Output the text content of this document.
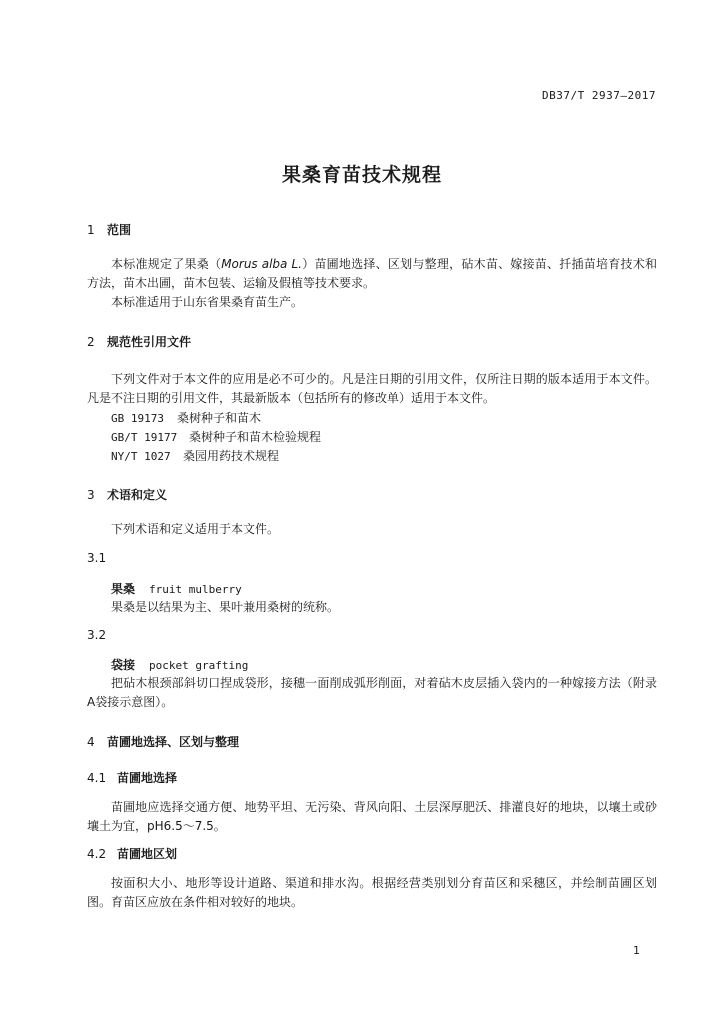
DB37/T 2937—2017
果桑育苗技术规程
1 范围

本标准规定了果桑（Morus alba L.）苗圃地选择、区划与整理，砧木苗、嫁接苗、扦插苗培育技术和方法，苗木出圃，苗木包装、运输及假植等技术要求。

本标准适用于山东省果桑育苗生产。

2 规范性引用文件

下列文件对于本文件的应用是必不可少的。凡是注日期的引用文件，仅所注日期的版本适用于本文件。凡是不注日期的引用文件，其最新版本（包括所有的修改单）适用于本文件。

GB 19173 桑树种子和苗木
GB/T 19177 桑树种子和苗木检验规程
NY/T 1027 桑园用药技术规程
3 术语和定义

下列术语和定义适用于本文件。

3.1
果桑 fruit mulberry

果桑是以结果为主、果叶兼用桑树的统称。

3.2
袋接 pocket grafting

把砧木根颈部斜切口捏成袋形，接穗一面削成弧形削面，对着砧木皮层插入袋内的一种嫁接方法（附录A袋接示意图）。

4 苗圃地选择、区划与整理
4.1 苗圃地选择

苗圃地应选择交通方便、地势平坦、无污染、背风向阳、土层深厚肥沃、排灌良好的地块，以壤土或砂壤土为宜，pH6.5～7.5。

4.2 苗圃地区划

按面积大小、地形等设计道路、渠道和排水沟。根据经营类别划分育苗区和采穗区，并绘制苗圃区划图。育苗区应放在条件相对较好的地块。

1
